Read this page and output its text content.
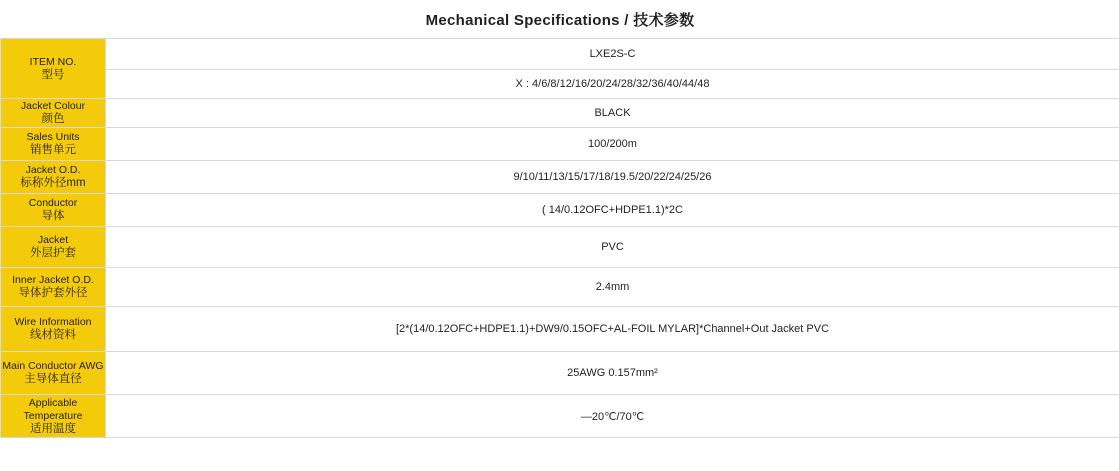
Mechanical Specifications / 技术参数	

ITEM NO.
型号	LXE2S-C
	X : 4/6/8/12/16/20/24/28/32/36/40/44/48

Jacket Colour
颜色	BLACK

Sales Units
销售单元	100/200m

Jacket O.D.
标称外径mm	9/10/11/13/15/17/18/19.5/20/22/24/25/26

Conductor
导体	( 14/0.12OFC+HDPE1.1)*2C

Jacket
外层护套	PVC

Inner Jacket O.D.
导体护套外径	2.4mm

Wire Information
线材资料	[2*(14/0.12OFC+HDPE1.1)+DW9/0.15OFC+AL-FOIL MYLAR]*Channel+Out Jacket PVC

Main Conductor AWG
主导体直径	25AWG 0.157mm²

Applicable Temperature
适用温度	—20℃/70℃
